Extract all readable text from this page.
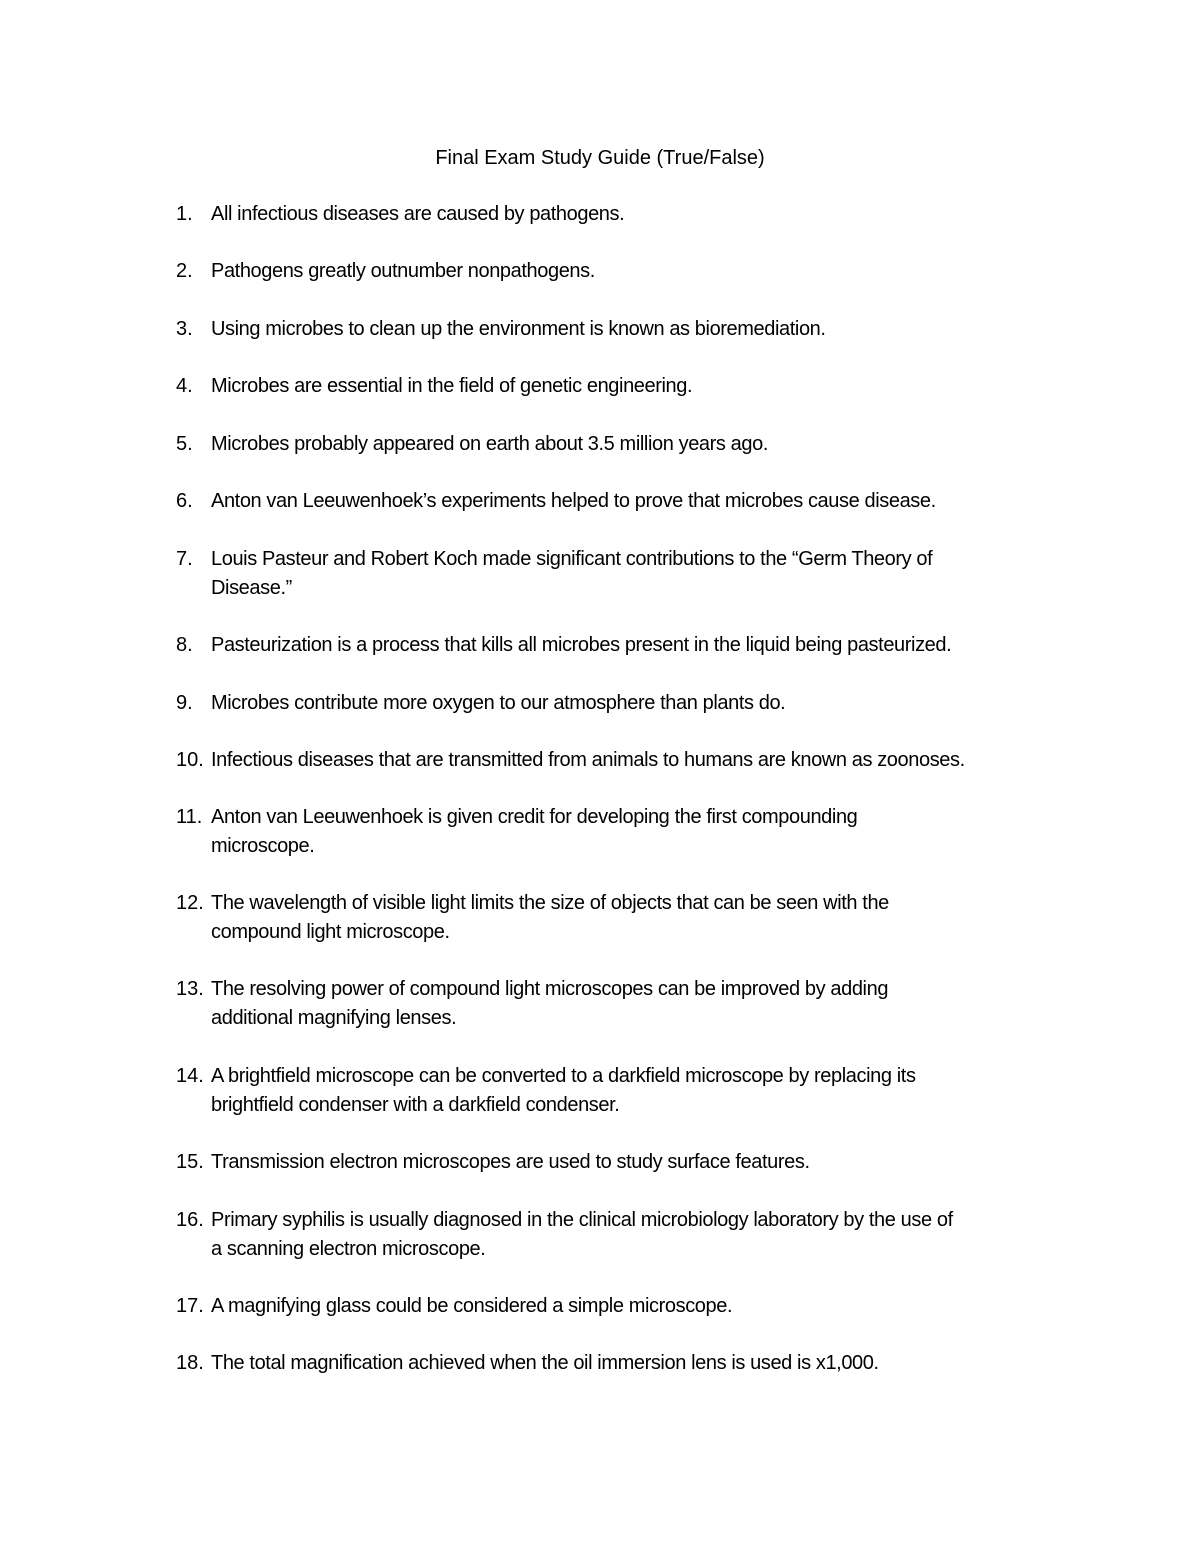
Final Exam Study Guide (True/False)
1. All infectious diseases are caused by pathogens.
2. Pathogens greatly outnumber nonpathogens.
3. Using microbes to clean up the environment is known as bioremediation.
4. Microbes are essential in the field of genetic engineering.
5. Microbes probably appeared on earth about 3.5 million years ago.
6. Anton van Leeuwenhoek’s experiments helped to prove that microbes cause disease.
7. Louis Pasteur and Robert Koch made significant contributions to the “Germ Theory of
Disease.”
8. Pasteurization is a process that kills all microbes present in the liquid being pasteurized.
9. Microbes contribute more oxygen to our atmosphere than plants do.
10. Infectious diseases that are transmitted from animals to humans are known as zoonoses.
11. Anton van Leeuwenhoek is given credit for developing the first compounding
microscope.
12. The wavelength of visible light limits the size of objects that can be seen with the
compound light microscope.
13. The resolving power of compound light microscopes can be improved by adding
additional magnifying lenses.
14. A brightfield microscope can be converted to a darkfield microscope by replacing its
brightfield condenser with a darkfield condenser.
15. Transmission electron microscopes are used to study surface features.
16. Primary syphilis is usually diagnosed in the clinical microbiology laboratory by the use of
a scanning electron microscope.
17. A magnifying glass could be considered a simple microscope.
18. The total magnification achieved when the oil immersion lens is used is x1,000.
